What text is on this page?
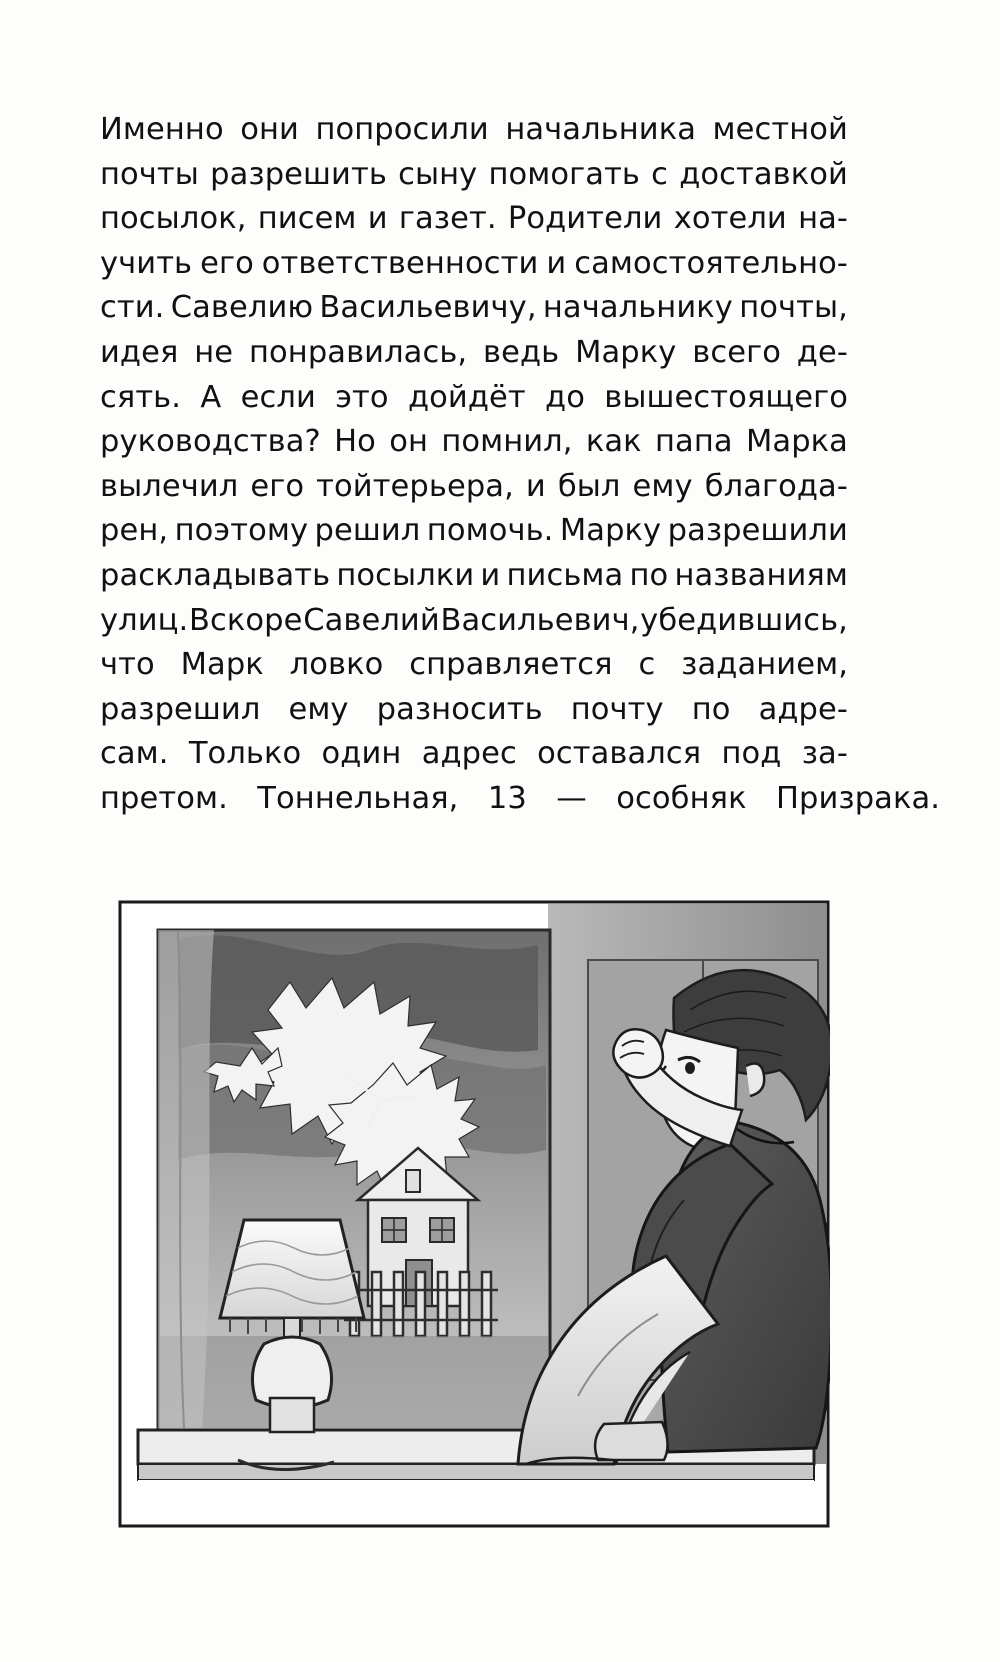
Именно они попросили начальника местной
почты разрешить сыну помогать с доставкой
посылок, писем и газет. Родители хотели на-
учить его ответственности и самостоятельно-
сти. Савелию Васильевичу, начальнику почты,
идея не понравилась, ведь Марку всего де-
сять. А если это дойдёт до вышестоящего
руководства? Но он помнил, как папа Марка
вылечил его тойтерьера, и был ему благода-
рен, поэтому решил помочь. Марку разрешили
раскладывать посылки и письма по названиям
улиц. Вскоре Савелий Васильевич, убедившись,
что Марк ловко справляется с заданием,
разрешил ему разносить почту по адре-
сам. Только один адрес оставался под за-
претом. Тоннельная, 13 — особняк Призрака.
